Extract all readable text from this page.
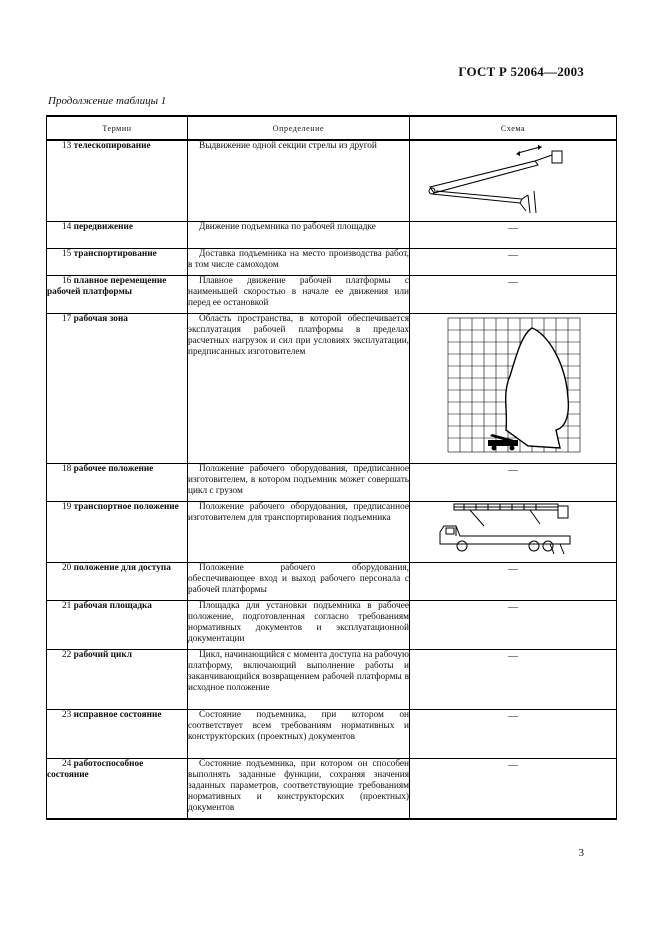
ГОСТ Р 52064—2003
Продолжение таблицы 1
Термин	Определение	Схема
13 телескопирование	Выдвижение одной секции стрелы из другой	

14 передвижение	Движение подъемника по рабочей площадке	—
15 транспортирование	Доставка подъемника на место производства работ, в том числе самоходом	—
16 плавное перемещение рабочей платформы	Плавное движение рабочей платформы с наименьшей скоростью в начале ее движения или перед ее остановкой	—
17 рабочая зона	Область пространства, в которой обеспечивается эксплуатация рабочей платформы в пределах расчетных нагрузок и сил при условиях эксплуатации, предписанных изготовителем	

18 рабочее положение	Положение рабочего оборудования, предписанное изготовителем, в котором подъемник может совершать цикл с грузом	—
19 транспортное положение	Положение рабочего оборудования, предписанное изготовителем для транспортирования подъемника	

20 положение для доступа	Положение рабочего оборудования, обеспечивающее вход и выход рабочего персонала с рабочей платформы	—
21 рабочая площадка	Площадка для установки подъемника в рабочее положение, подготовленная согласно требованиям нормативных документов и эксплуатационной документации	—
22 рабочий цикл	Цикл, начинающийся с момента доступа на рабочую платформу, включающий выполнение работы и заканчивающийся возвращением рабочей платформы в исходное положение	—
23 исправное состояние	Состояние подъемника, при котором он соответствует всем требованиям нормативных и конструкторских (проектных) документов	—
24 работоспособное состояние	Состояние подъемника, при котором он способен выполнять заданные функции, сохраняя значения заданных параметров, соответствующие требованиям нормативных и конструкторских (проектных) документов	—
3
